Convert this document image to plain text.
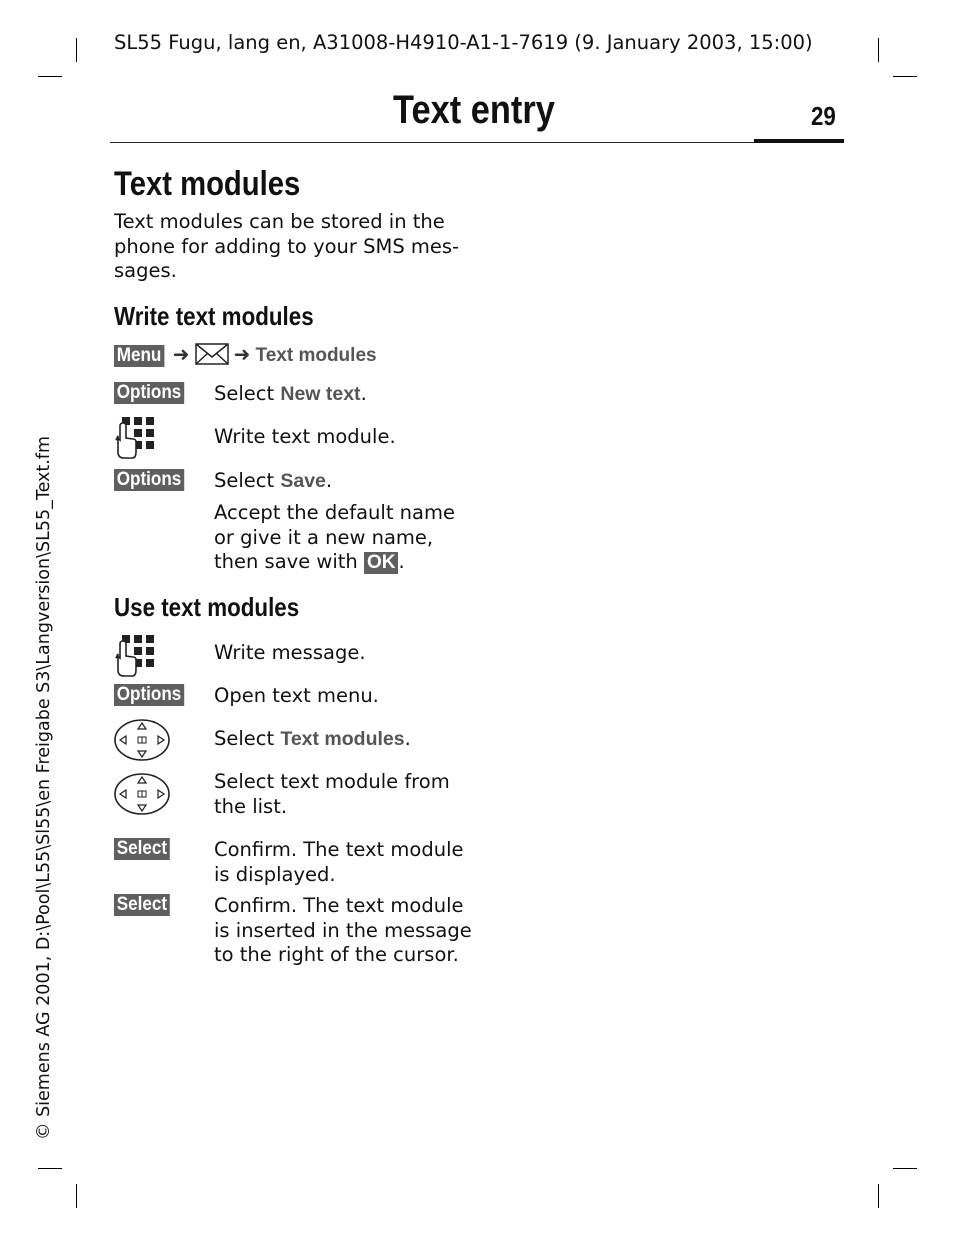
SL55 Fugu, lang en, A31008-H4910-A1-1-7619 (9. January 2003, 15:00)
Text entry	29
Text modules
Text modules can be stored in the
phone for adding to your SMS mes-
sages.
Write text modules
Menu ➜ ➜ Text modules
Options Select New text.
Write text module.
Options Select Save.
Accept the default name
or give it a new name,
then save with OK .
Use text modules
Write message.
Options Open text menu.
Select Text modules.
Select text module from
the list.
Select Confirm. The text module
is displayed.
Select Confirm. The text module
is inserted in the message
to the right of the cursor.
© Siemens AG 2001, D:\Pool\L55\Sl55\en Freigabe S3\Langversion\SL55_Text.fm
